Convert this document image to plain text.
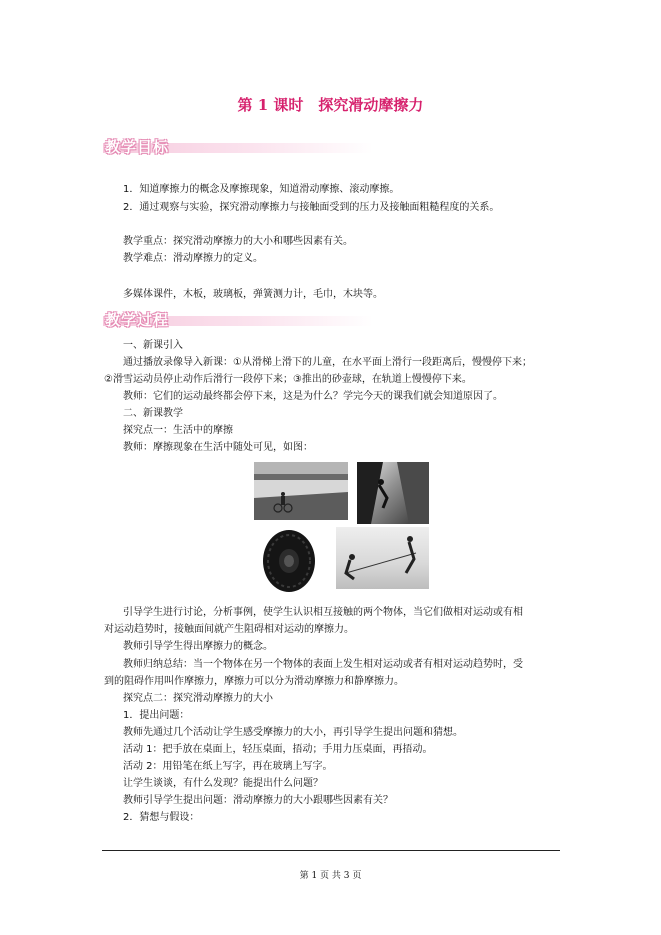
第 1 课时　探究滑动摩擦力
教学目标
1．知道摩擦力的概念及摩擦现象，知道滑动摩擦、滚动摩擦。
2．通过观察与实验，探究滑动摩擦力与接触面受到的压力及接触面粗糙程度的关系。
教学重点：探究滑动摩擦力的大小和哪些因素有关。
教学难点：滑动摩擦力的定义。
多媒体课件，木板，玻璃板，弹簧测力计，毛巾，木块等。
教学过程
一、新课引入
通过播放录像导入新课：①从滑梯上滑下的儿童，在水平面上滑行一段距离后，慢慢停下来；
②滑雪运动员停止动作后滑行一段停下来；③推出的砂壶球，在轨道上慢慢停下来。
教师：它们的运动最终都会停下来，这是为什么？学完今天的课我们就会知道原因了。
二、新课教学
探究点一：生活中的摩擦
教师：摩擦现象在生活中随处可见，如图：
引导学生进行讨论，分析事例，使学生认识相互接触的两个物体，当它们做相对运动或有相
对运动趋势时，接触面间就产生阻碍相对运动的摩擦力。
教师引导学生得出摩擦力的概念。
教师归纳总结：当一个物体在另一个物体的表面上发生相对运动或者有相对运动趋势时，受
到的阻碍作用叫作摩擦力，摩擦力可以分为滑动摩擦力和静摩擦力。
探究点二：探究滑动摩擦力的大小
1．提出问题：
教师先通过几个活动让学生感受摩擦力的大小，再引导学生提出问题和猜想。
活动 1：把手放在桌面上，轻压桌面，捂动；手用力压桌面，再捂动。
活动 2：用铅笔在纸上写字，再在玻璃上写字。
让学生谈谈，有什么发现？能提出什么问题？
教师引导学生提出问题：滑动摩擦力的大小跟哪些因素有关？
2．猜想与假设：
第 1 页 共 3 页
